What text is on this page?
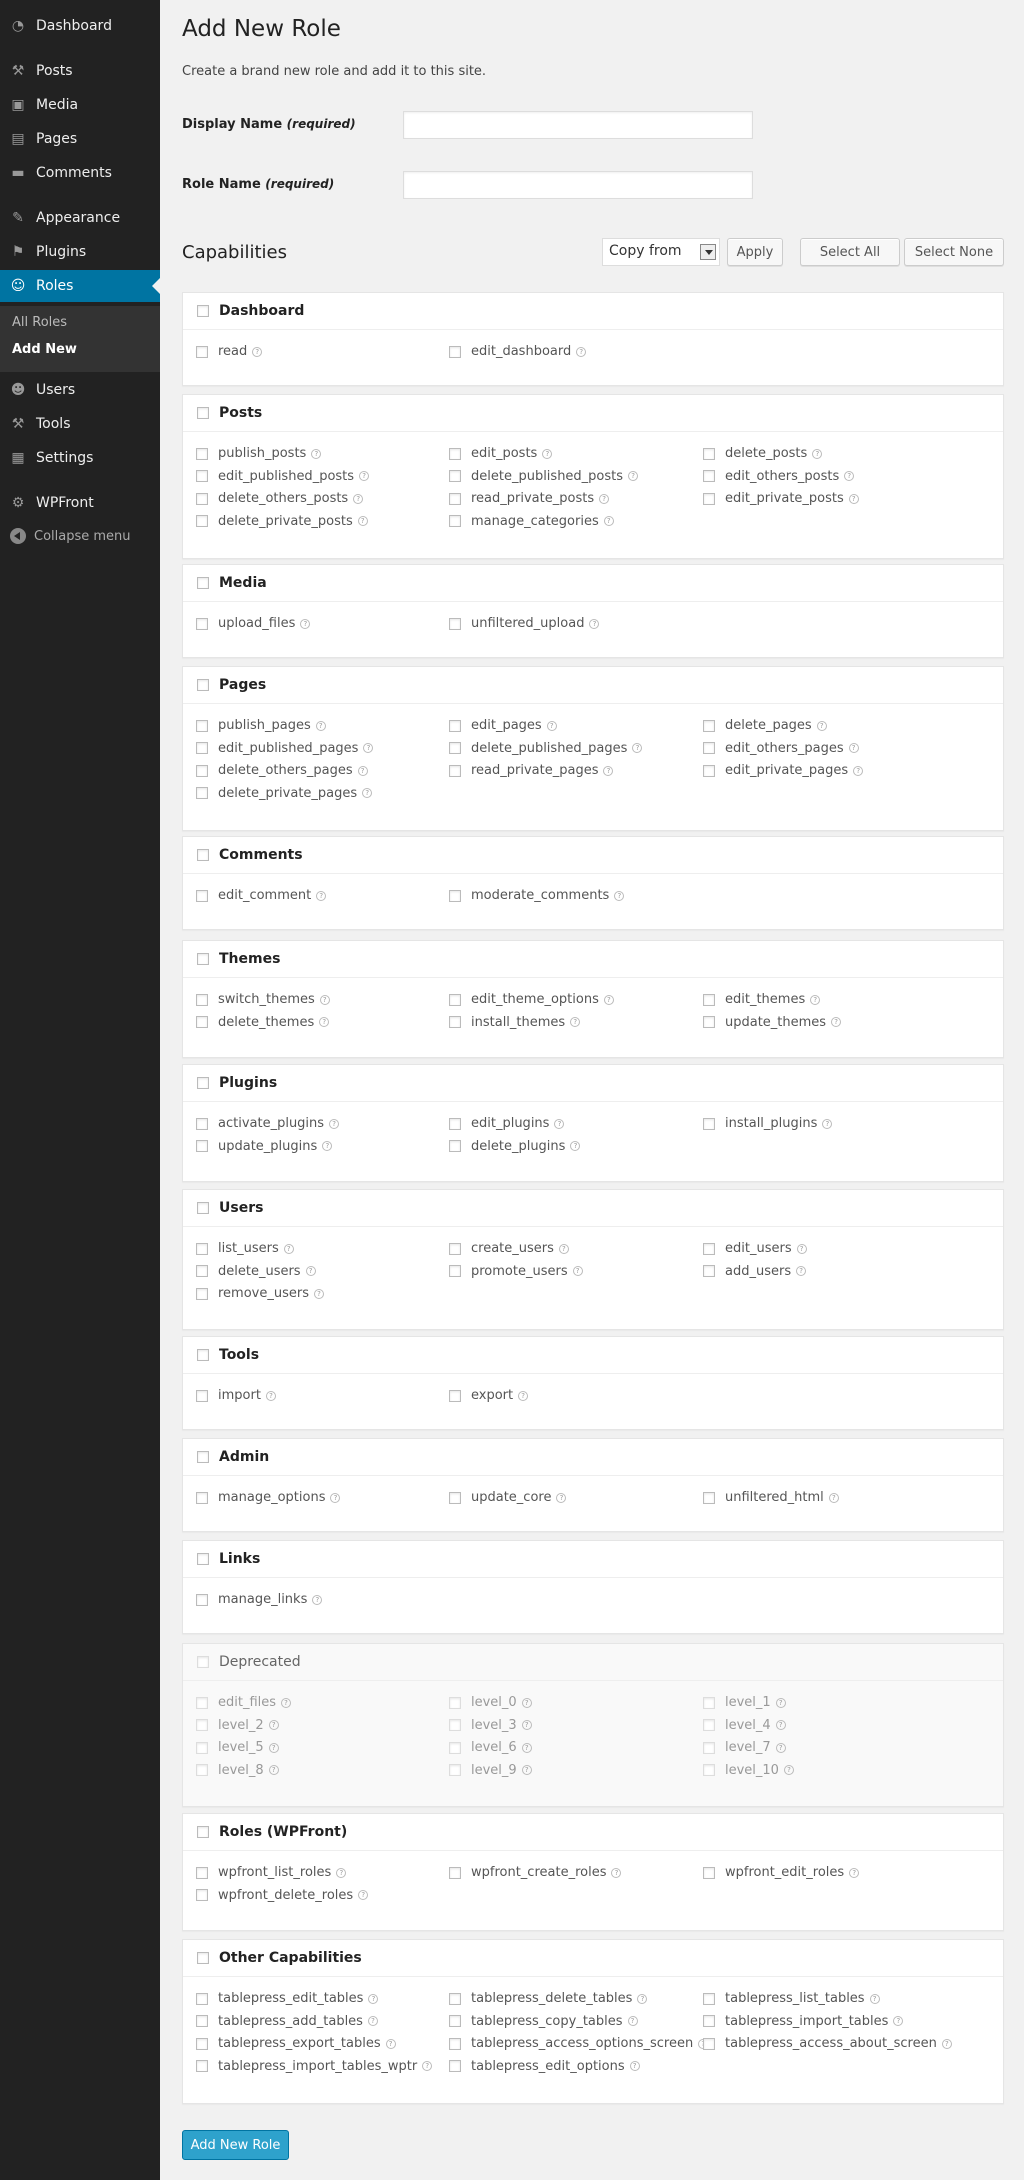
◔ Dashboard
⚒ Posts
▣ Media
▤ Pages
▬ Comments
✎ Appearance
⚑ Plugins
☺ Roles
☻ Users
⚒ Tools
▦ Settings
⚙ WPFront
All Roles
Add New
Collapse menu
Add New Role
Create a brand new role and add it to this site.
Display Name (required)
Role Name (required)
Capabilities	Copy from	Apply	Select All	Select None
Dashboard
read ?	edit_dashboard
?
Posts
publish_posts ?	edit_posts ?	delete_posts
?
edit_published_posts ?	delete_published_posts ?	edit_others_posts
?
delete_others_posts ?	read_private_posts ?	edit_private_posts
?
delete_private_posts ?	manage_categories
?
Media
upload_files ?	unfiltered_upload
?
Pages
publish_pages ?	edit_pages ?	delete_pages
?
edit_published_pages ?	delete_published_pages ?	edit_others_pages
?
delete_others_pages ?	read_private_pages ?	edit_private_pages
?
delete_private_pages
?
Comments
edit_comment ?	moderate_comments
?
Themes
switch_themes ?	edit_theme_options ?	edit_themes
?
delete_themes ?	install_themes ?	update_themes
?
Plugins
activate_plugins ?	edit_plugins ?	install_plugins
?
update_plugins ?	delete_plugins
?
Users
list_users ?	create_users ?	edit_users
?
delete_users ?	promote_users ?	add_users
?
remove_users
?
Tools
import ?	export
?
Admin
manage_options ?	update_core ?	unfiltered_html
?
Links
manage_links
?
Deprecated
edit_files ?	level_0 ?	level_1
?
level_2 ?	level_3 ?	level_4
?
level_5 ?	level_6 ?	level_7
?
level_8 ?	level_9 ?	level_10
?
Roles (WPFront)
wpfront_list_roles ?	wpfront_create_roles ?	wpfront_edit_roles
?
wpfront_delete_roles
?
Other Capabilities
tablepress_edit_tables ?	tablepress_delete_tables ?	tablepress_list_tables
?
tablepress_add_tables ?	tablepress_copy_tables ?	tablepress_import_tables
?
tablepress_export_tables ?	tablepress_access_options_screen ? tablepress_access_about_screen
?
tablepress_import_tables_wptr ?	tablepress_edit_options
?
Add New Role
